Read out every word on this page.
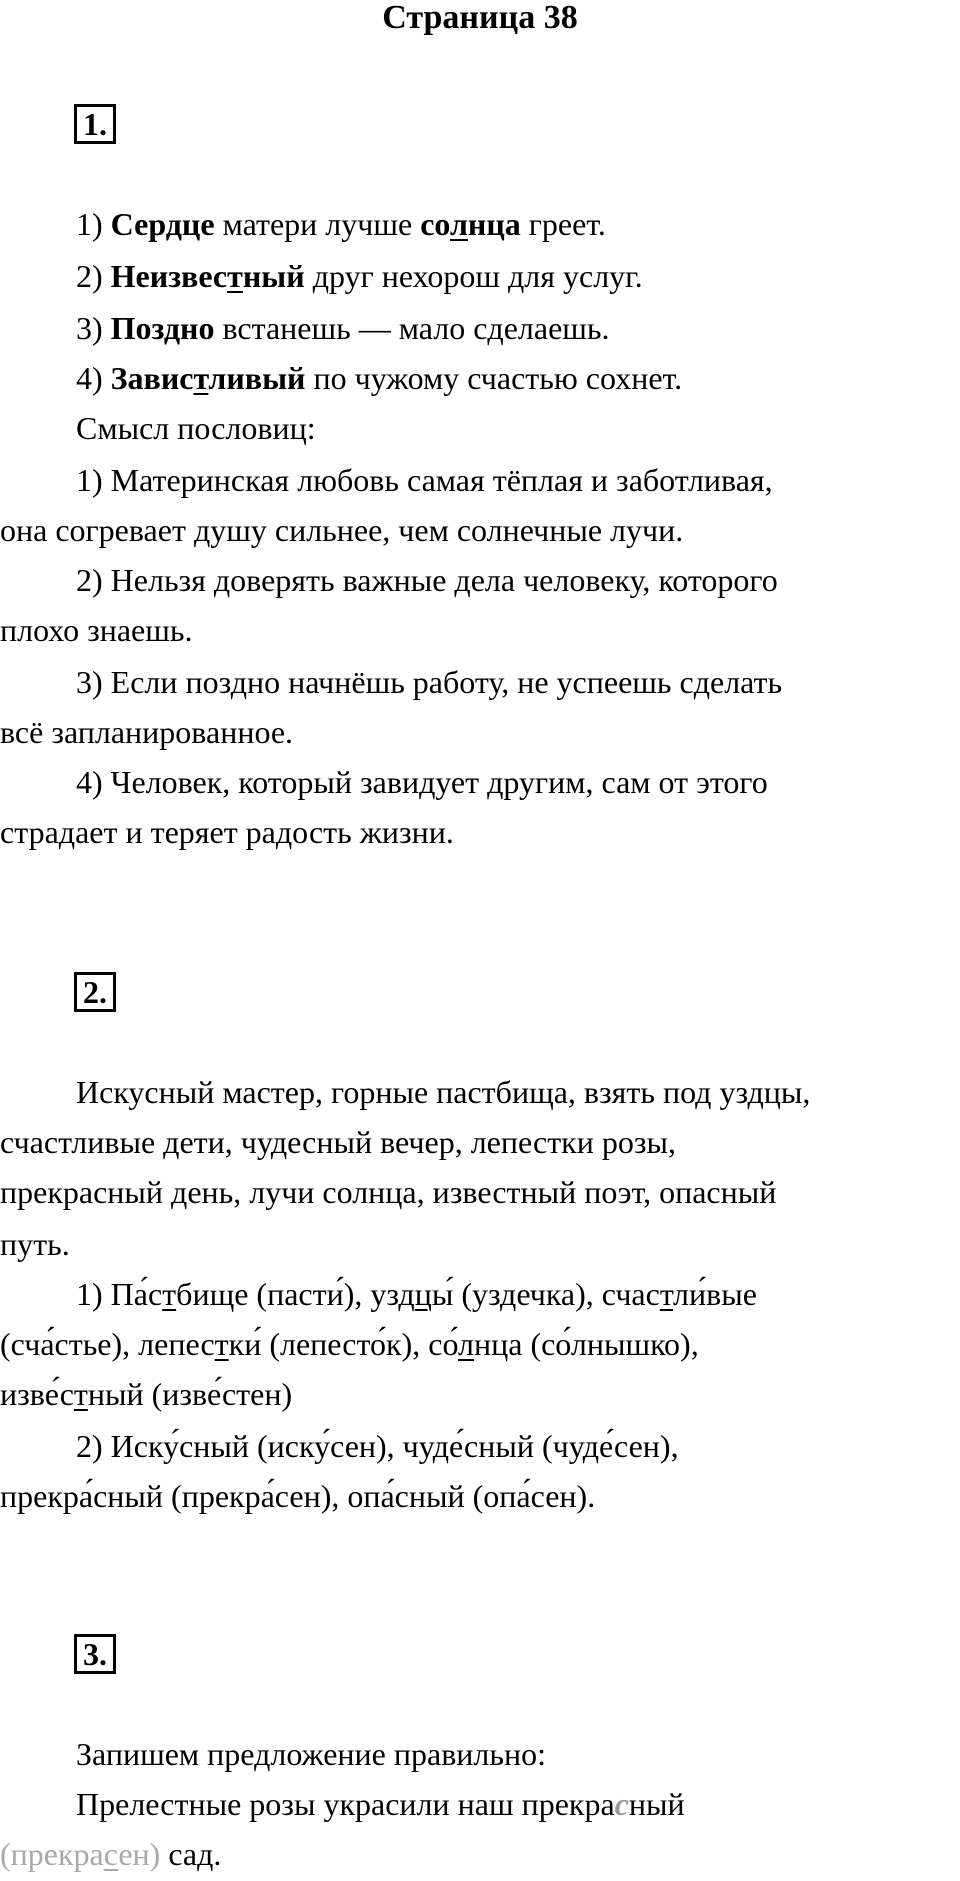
Страница 38
1.
1) Сердце матери лучше солнца греет.
2) Неизвестный друг нехорош для услуг.
3) Поздно встанешь — мало сделаешь.
4) Завистливый по чужому счастью сохнет.
Смысл пословиц:
1) Материнская любовь самая тёплая и заботливая,
она согревает душу сильнее, чем солнечные лучи.
2) Нельзя доверять важные дела человеку, которого
плохо знаешь.
3) Если поздно начнёшь работу, не успеешь сделать
всё запланированное.
4) Человек, который завидует другим, сам от этого
страдает и теряет радость жизни.
2.
Искусный мастер, горные пастбища, взять под уздцы,
счастливые дети, чудесный вечер, лепестки розы,
прекрасный день, лучи солнца, известный поэт, опасный
путь.
1) Па́стбище (пасти́), уздцы́ (уздечка), счастли́вые
(сча́стье), лепестки́ (лепесто́к), со́лнца (со́лнышко),
изве́стный (изве́стен)
2) Иску́сный (иску́сен), чуде́сный (чуде́сен),
прекра́сный (прекра́сен), опа́сный (опа́сен).
3.
Запишем предложение правильно:
Прелестные розы украсили наш прекрасный
(прекрасен) сад.
